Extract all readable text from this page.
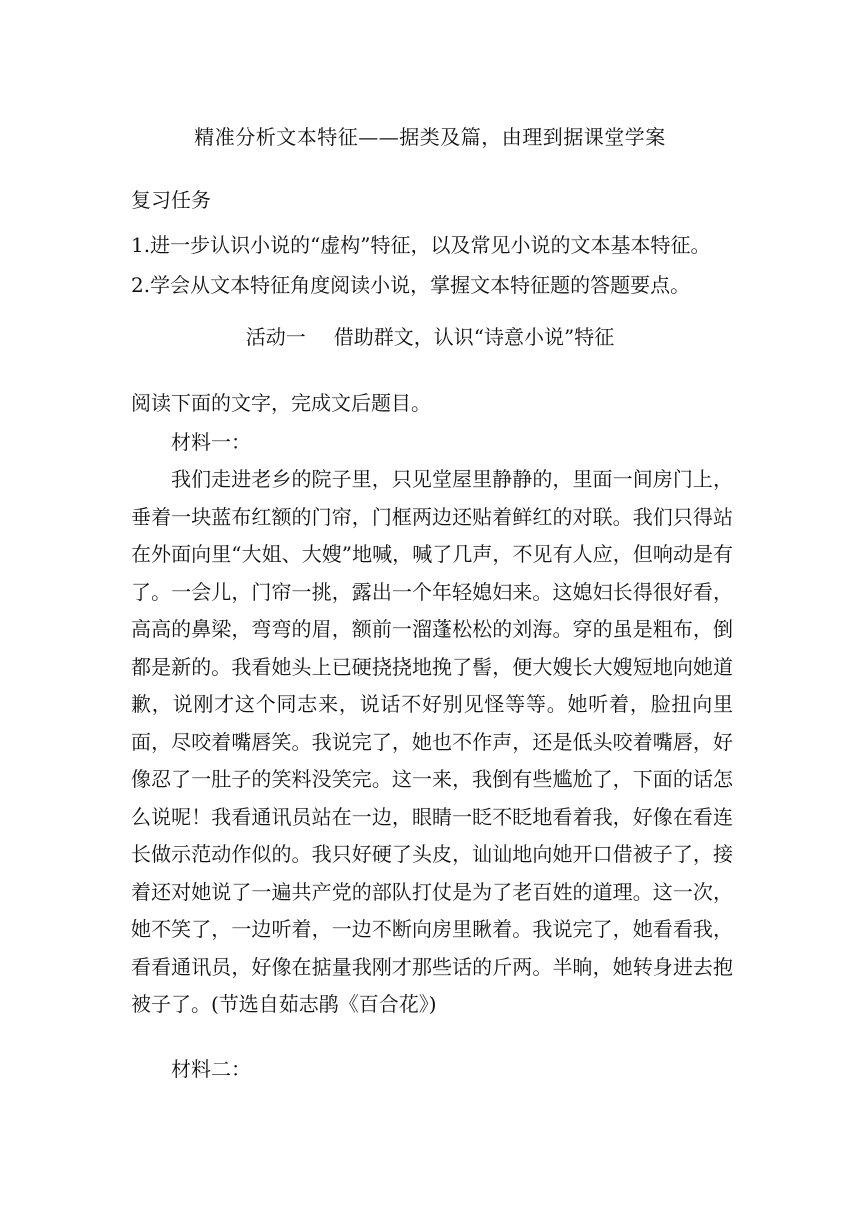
精准分析文本特征——据类及篇，由理到据课堂学案
复习任务
1.进一步认识小说的“虚构”特征，以及常见小说的文本基本特征。
2.学会从文本特征角度阅读小说，掌握文本特征题的答题要点。
活动一 借助群文，认识“诗意小说”特征
阅读下面的文字，完成文后题目。
材料一：

我们走进老乡的院子里，只见堂屋里静静的，里面一间房门上，垂着一块蓝布红额的门帘，门框两边还贴着鲜红的对联。我们只得站在外面向里“大姐、大嫂”地喊，喊了几声，不见有人应，但响动是有了。一会儿，门帘一挑，露出一个年轻媳妇来。这媳妇长得很好看，高高的鼻梁，弯弯的眉，额前一溜蓬松松的刘海。穿的虽是粗布，倒都是新的。我看她头上已硬挠挠地挽了髻，便大嫂长大嫂短地向她道歉，说刚才这个同志来，说话不好别见怪等等。她听着，脸扭向里面，尽咬着嘴唇笑。我说完了，她也不作声，还是低头咬着嘴唇，好像忍了一肚子的笑料没笑完。这一来，我倒有些尴尬了，下面的话怎么说呢！我看通讯员站在一边，眼睛一眨不眨地看着我，好像在看连长做示范动作似的。我只好硬了头皮，讪讪地向她开口借被子了，接着还对她说了一遍共产党的部队打仗是为了老百姓的道理。这一次，她不笑了，一边听着，一边不断向房里瞅着。我说完了，她看看我，看看通讯员，好像在掂量我刚才那些话的斤两。半晌，她转身进去抱被子了。(节选自茹志鹃《百合花》)

材料二：
